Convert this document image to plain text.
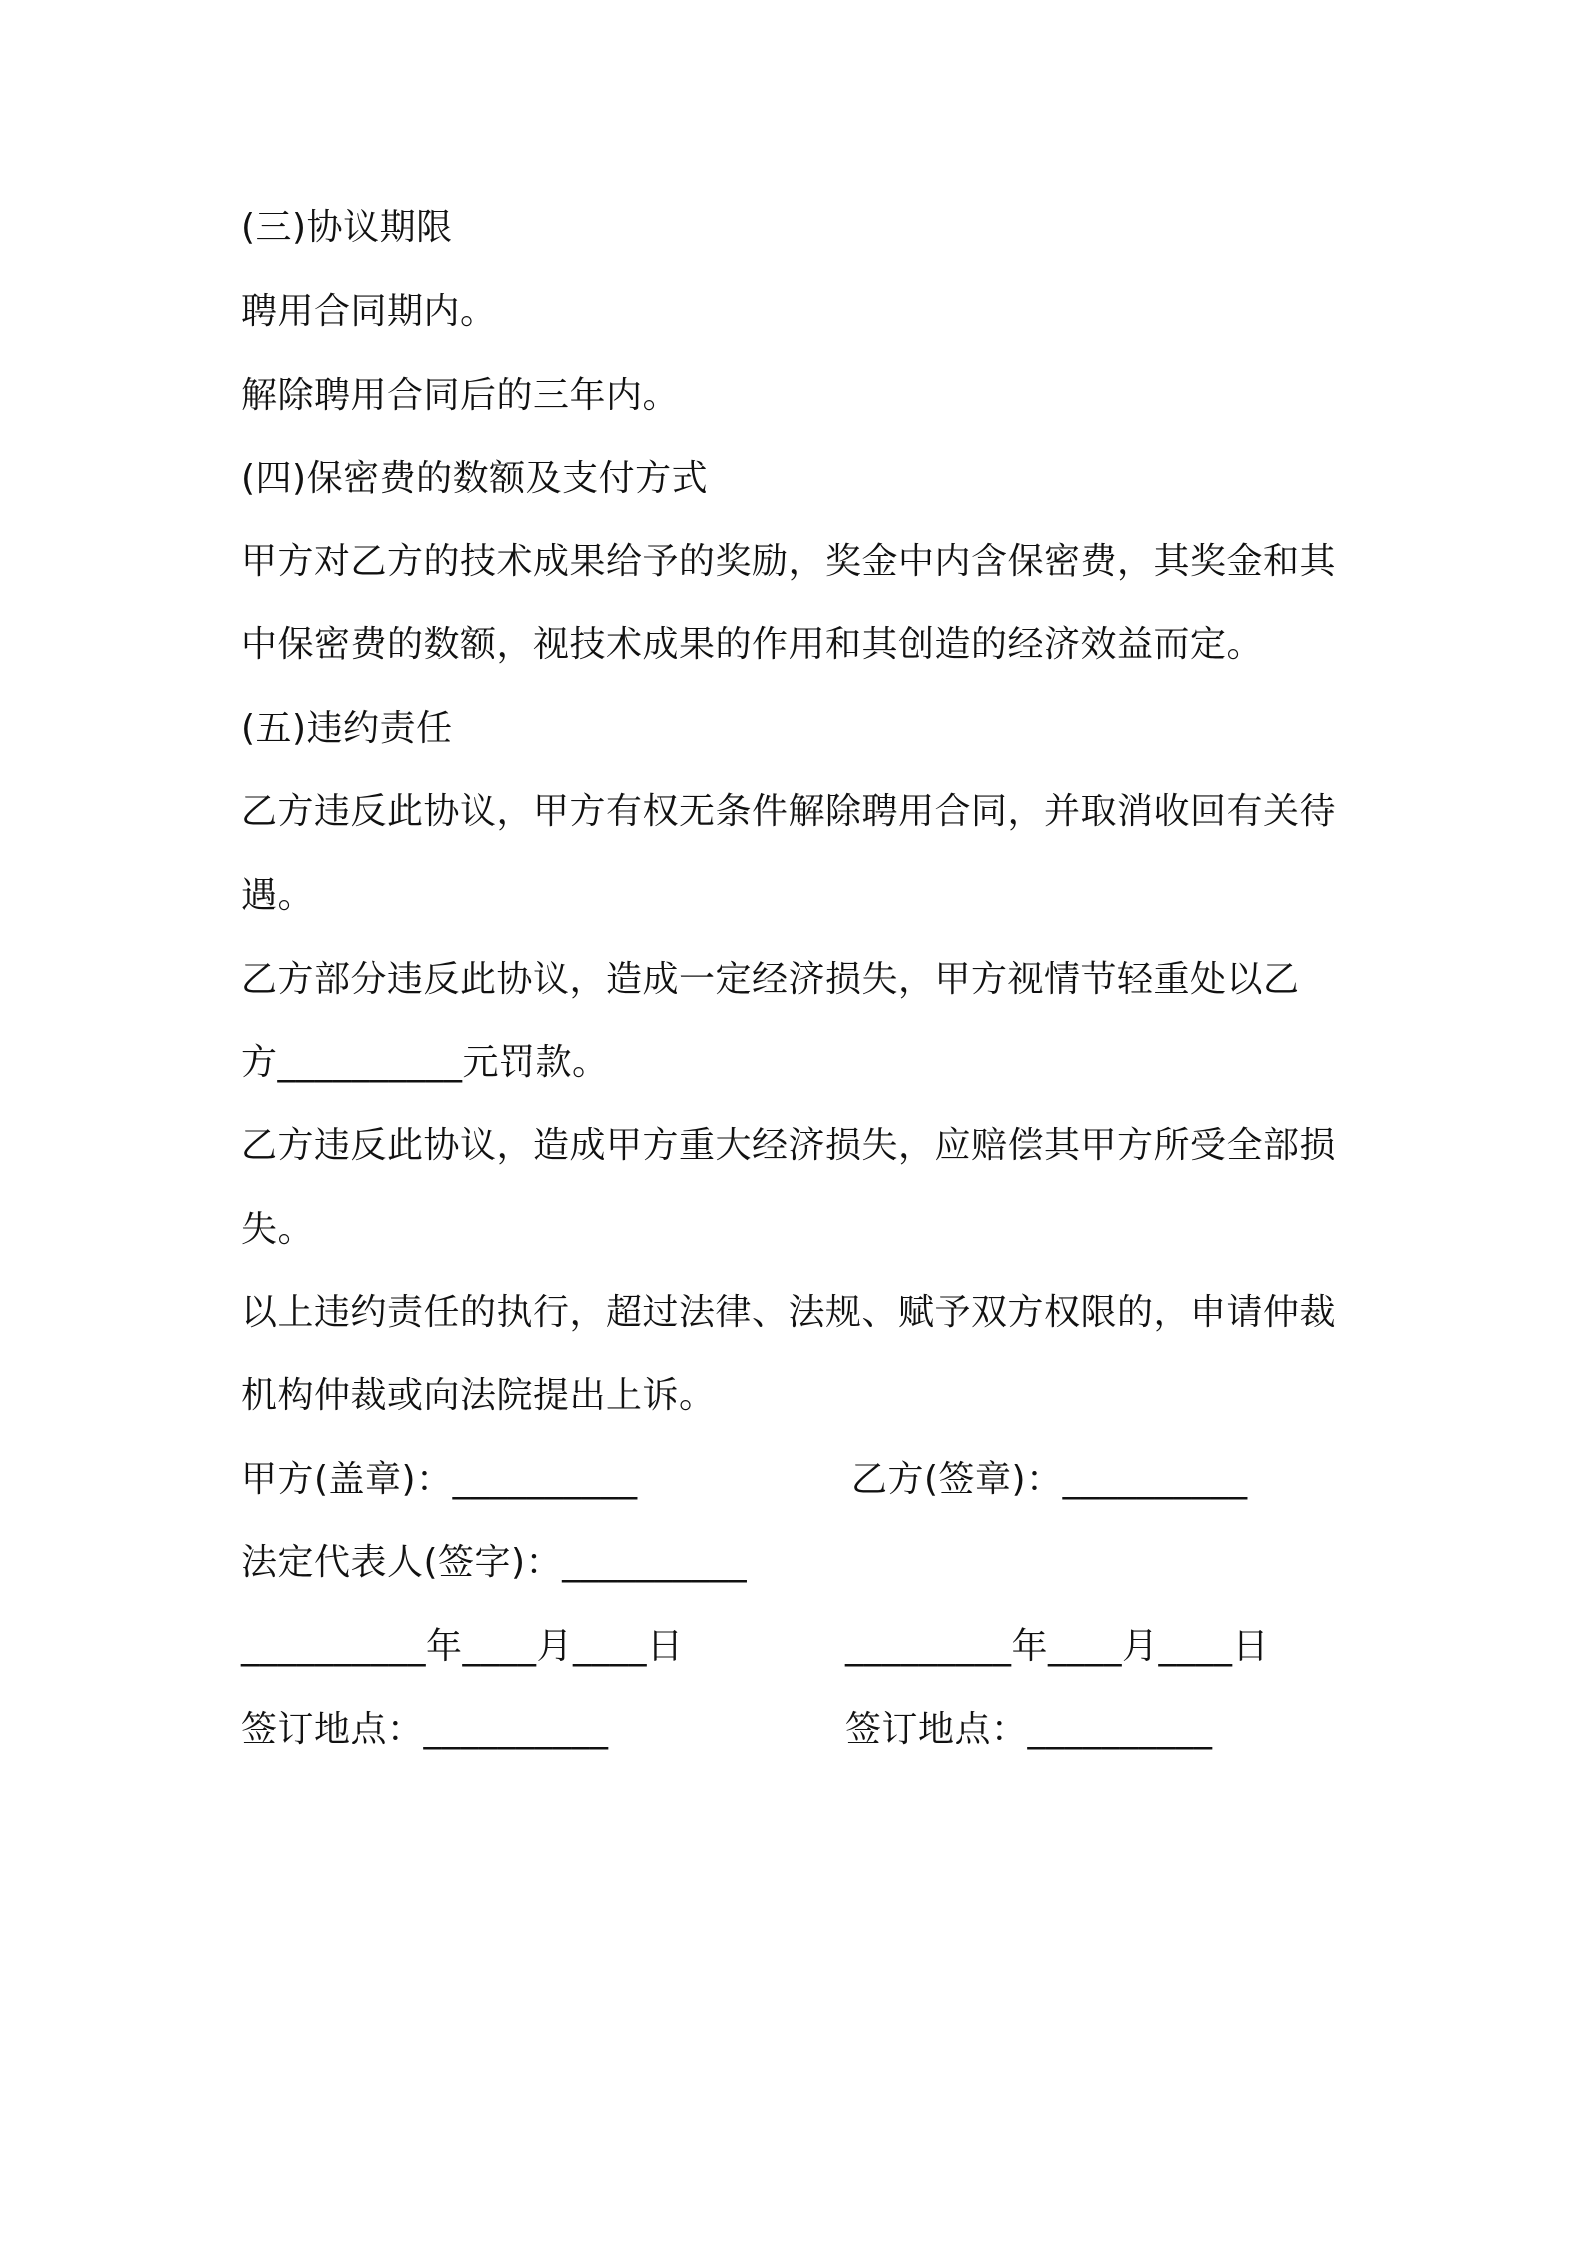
(三)协议期限
聘用合同期内。
解除聘用合同后的三年内。
(四)保密费的数额及支付方式
甲方对乙方的技术成果给予的奖励，奖金中内含保密费，其奖金和其
中保密费的数额，视技术成果的作用和其创造的经济效益而定。
(五)违约责任
乙方违反此协议，甲方有权无条件解除聘用合同，并取消收回有关待
遇。
乙方部分违反此协议，造成一定经济损失，甲方视情节轻重处以乙
方__________元罚款。
乙方违反此协议，造成甲方重大经济损失，应赔偿其甲方所受全部损
失。
以上违约责任的执行，超过法律、法规、赋予双方权限的，申请仲裁
机构仲裁或向法院提出上诉。
甲方(盖章)：__________	乙方(签章)：__________
法定代表人(签字)：__________
__________年____月____日	_________年____月____日
签订地点：__________	签订地点：__________
